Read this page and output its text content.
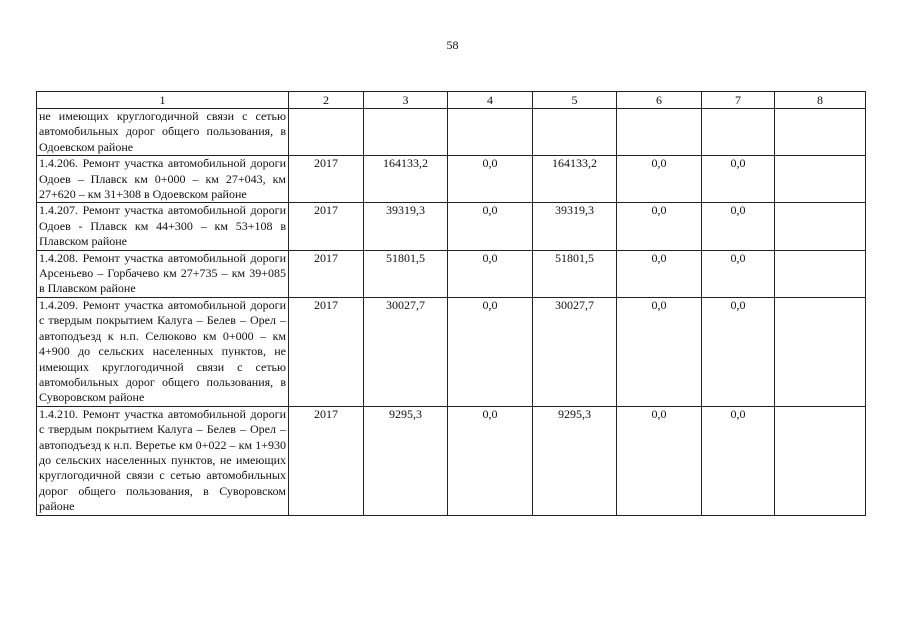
58
1	2	3	4	5	6	7	8
не имеющих круглогодичной связи с сетью автомобильных дорог общего пользования, в Одоевском районе							
1.4.206. Ремонт участка автомобильной дороги Одоев – Плавск км 0+000 – км 27+043, км 27+620 – км 31+308 в Одоевском районе	2017	164133,2	0,0	164133,2	0,0	0,0	
1.4.207. Ремонт участка автомобильной дороги Одоев - Плавск км 44+300 – км 53+108 в Плавском районе	2017	39319,3	0,0	39319,3	0,0	0,0	
1.4.208. Ремонт участка автомобильной дороги Арсеньево – Горбачево км 27+735 – км 39+085 в Плавском районе	2017	51801,5	0,0	51801,5	0,0	0,0	
1.4.209. Ремонт участка автомобильной дороги с твердым покрытием Калуга – Белев – Орел – автоподъезд к н.п. Селюково км 0+000 – км 4+900 до сельских населенных пунктов, не имеющих круглогодичной связи с сетью автомобильных дорог общего пользования, в Суворовском районе	2017	30027,7	0,0	30027,7	0,0	0,0	
1.4.210. Ремонт участка автомобильной дороги с твердым покрытием Калуга – Белев – Орел – автоподъезд к н.п. Веретье км 0+022 – км 1+930 до сельских населенных пунктов, не имеющих круглогодичной связи с сетью автомобильных дорог общего пользования, в Суворовском районе	2017	9295,3	0,0	9295,3	0,0	0,0	
